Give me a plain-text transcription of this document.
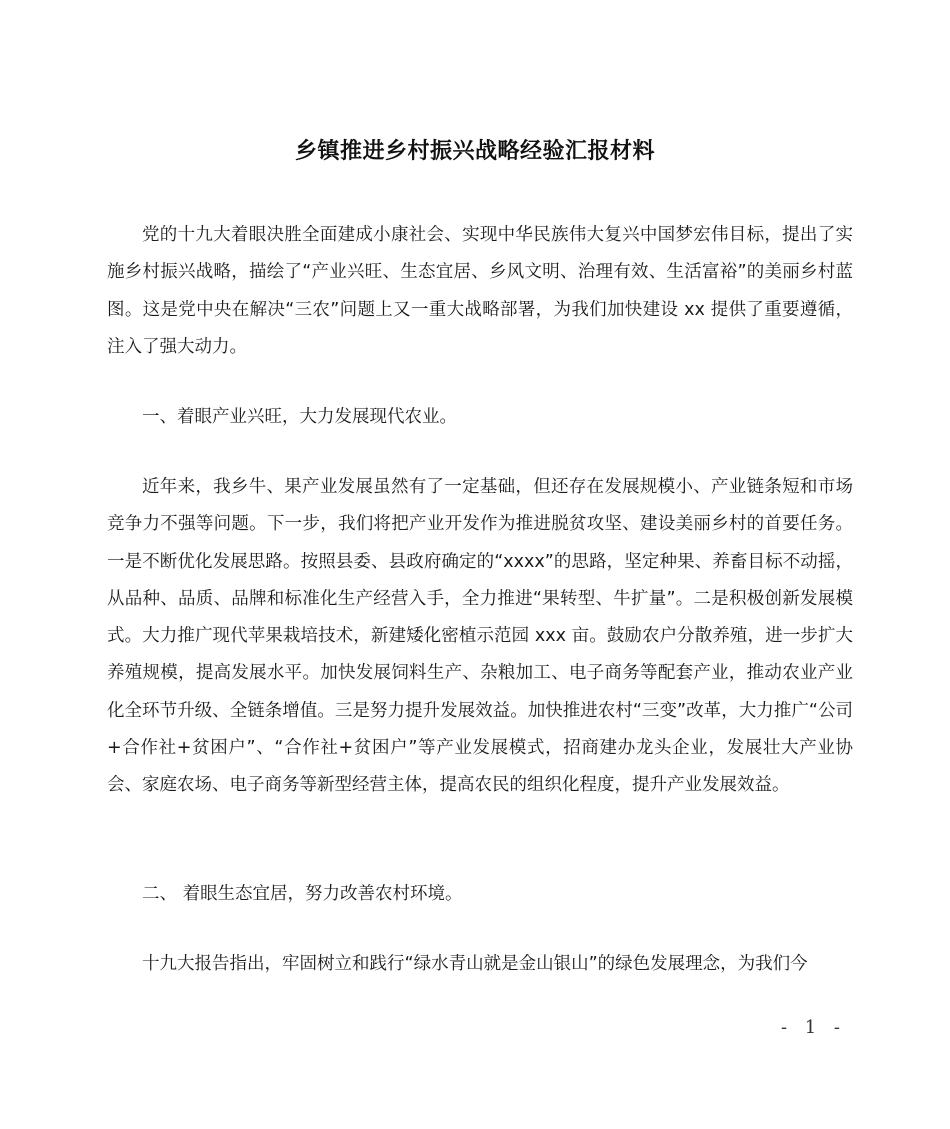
乡镇推进乡村振兴战略经验汇报材料
党的十九大着眼决胜全面建成小康社会、实现中华民族伟大复兴中国梦宏伟目标，提出了实施乡村振兴战略，描绘了“产业兴旺、生态宜居、乡风文明、治理有效、生活富裕”的美丽乡村蓝图。这是党中央在解决“三农”问题上又一重大战略部署，为我们加快建设 xx 提供了重要遵循，注入了强大动力。
一、着眼产业兴旺，大力发展现代农业。
近年来，我乡牛、果产业发展虽然有了一定基础，但还存在发展规模小、产业链条短和市场竞争力不强等问题。下一步，我们将把产业开发作为推进脱贫攻坚、建设美丽乡村的首要任务。一是不断优化发展思路。按照县委、县政府确定的“xxxx”的思路，坚定种果、养畜目标不动摇，从品种、品质、品牌和标准化生产经营入手，全力推进“果转型、牛扩量”。二是积极创新发展模式。大力推广现代苹果栽培技术，新建矮化密植示范园 xxx 亩。鼓励农户分散养殖，进一步扩大养殖规模，提高发展水平。加快发展饲料生产、杂粮加工、电子商务等配套产业，推动农业产业化全环节升级、全链条增值。三是努力提升发展效益。加快推进农村“三变”改革，大力推广“公司+合作社+贫困户”、“合作社+贫困户”等产业发展模式，招商建办龙头企业，发展壮大产业协会、家庭农场、电子商务等新型经营主体，提高农民的组织化程度，提升产业发展效益。
二、 着眼生态宜居，努力改善农村环境。
十九大报告指出，牢固树立和践行“绿水青山就是金山银山”的绿色发展理念，为我们今
- 1 -
